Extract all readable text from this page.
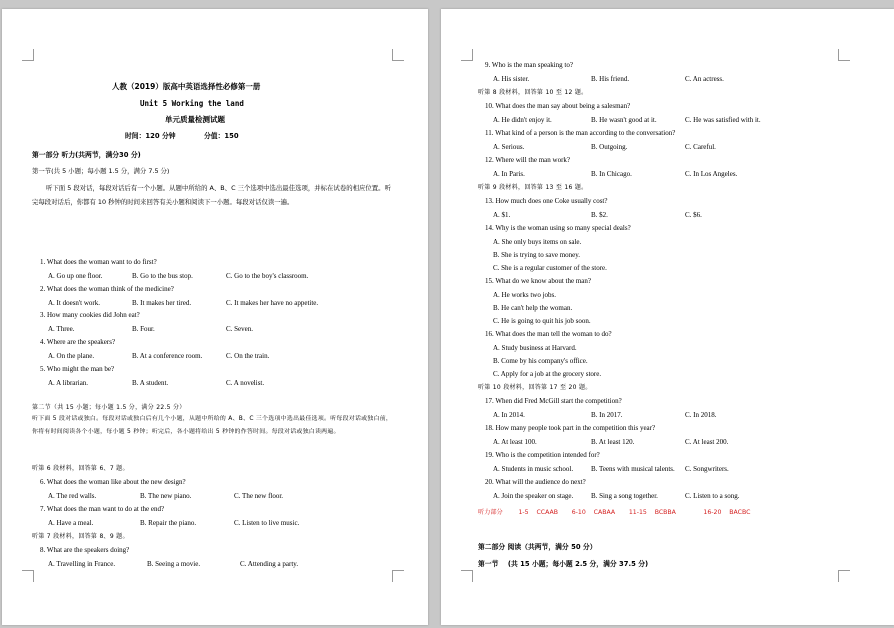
人教（2019）版高中英语选择性必修第一册
Unit 5 Working the land
单元质量检测试题
时间：120 分钟	分值：150
第一部分 听力(共两节，满分30 分)
第一节(共 5 小题；每小题 1.5 分，满分 7.5 分)
听下面 5 段对话，每段对话后有一个小题。从题中所给的 A、B、C 三个选项中选出最佳选项，并标在试卷的相应位置。听完每段对话后，你都有 10 秒钟的时间来回答有关小题和阅读下一小题。每段对话仅读一遍。
1. What does the woman want to do first?
A. Go up one floor.	B. Go to the bus stop.	C. Go to the boy's classroom.
2. What does the woman think of the medicine?
A. It doesn't work.	B. It makes her tired.	C. It makes her have no appetite.
3. How many cookies did John eat?
A. Three.	B. Four.	C. Seven.
4. Where are the speakers?
A. On the plane.	B. At a conference room.	C. On the train.
5. Who might the man be?
A. A librarian.	B. A student.	C. A novelist.
第二节（共 15 小题；每小题 1.5 分，满分 22.5 分）
听下面 5 段对话或独白。每段对话或独白后有几个小题，从题中所给的 A、B、C 三个选项中选出最佳选项。听每段对话或独白前，你将有时间阅读各个小题，每小题 5 秒钟；听完后，各小题将给出 5 秒钟的作答时间。每段对话或独白读两遍。
听第 6 段材料，回答第 6、7 题。
6. What does the woman like about the new design?
A. The red walls.	B. The new piano.	C. The new floor.
7. What does the man want to do at the end?
A. Have a meal.	B. Repair the piano.	C. Listen to live music.
听第 7 段材料，回答第 8、9 题。
8. What are the speakers doing?
A. Travelling in France.	B. Seeing a movie.	C. Attending a party.
9. Who is the man speaking to?
A. His sister.	B. His friend.	C. An actress.
听第 8 段材料，回答第 10 至 12 题。
10. What does the man say about being a salesman?
A. He didn't enjoy it.	B. He wasn't good at it.	C. He was satisfied with it.
11. What kind of a person is the man according to the conversation?
A. Serious.	B. Outgoing.	C. Careful.
12. Where will the man work?
A. In Paris.	B. In Chicago.	C. In Los Angeles.
听第 9 段材料，回答第 13 至 16 题。
13. How much does one Coke usually cost?
A. $1.	B. $2.	C. $6.
14. Why is the woman using so many special deals?
A. She only buys items on sale.
B. She is trying to save money.
C. She is a regular customer of the store.
15. What do we know about the man?
A. He works two jobs.
B. He can't help the woman.
C. He is going to quit his job soon.
16. What does the man tell the woman to do?
A. Study business at Harvard.
B. Come by his company's office.
C. Apply for a job at the grocery store.
听第 10 段材料，回答第 17 至 20 题。
17. When did Fred McGill start the competition?
A. In 2014.	B. In 2017.	C. In 2018.
18. How many people took part in the competition this year?
A. At least 100.	B. At least 120.	C. At least 200.
19. Who is the competition intended for?
A. Students in music school.	B. Teens with musical talents. C. Songwriters.
20. What will the audience do next?
A. Join the speaker on stage.	B. Sing a song together.	C. Listen to a song.
听力部分        1-5    CCAAB       6-10    CABAA       11-15    BCBBA              16-20    BACBC
第二部分 阅读（共两节，满分 50 分）
第一节    (共 15 小题；每小题 2.5 分，满分 37.5 分)
